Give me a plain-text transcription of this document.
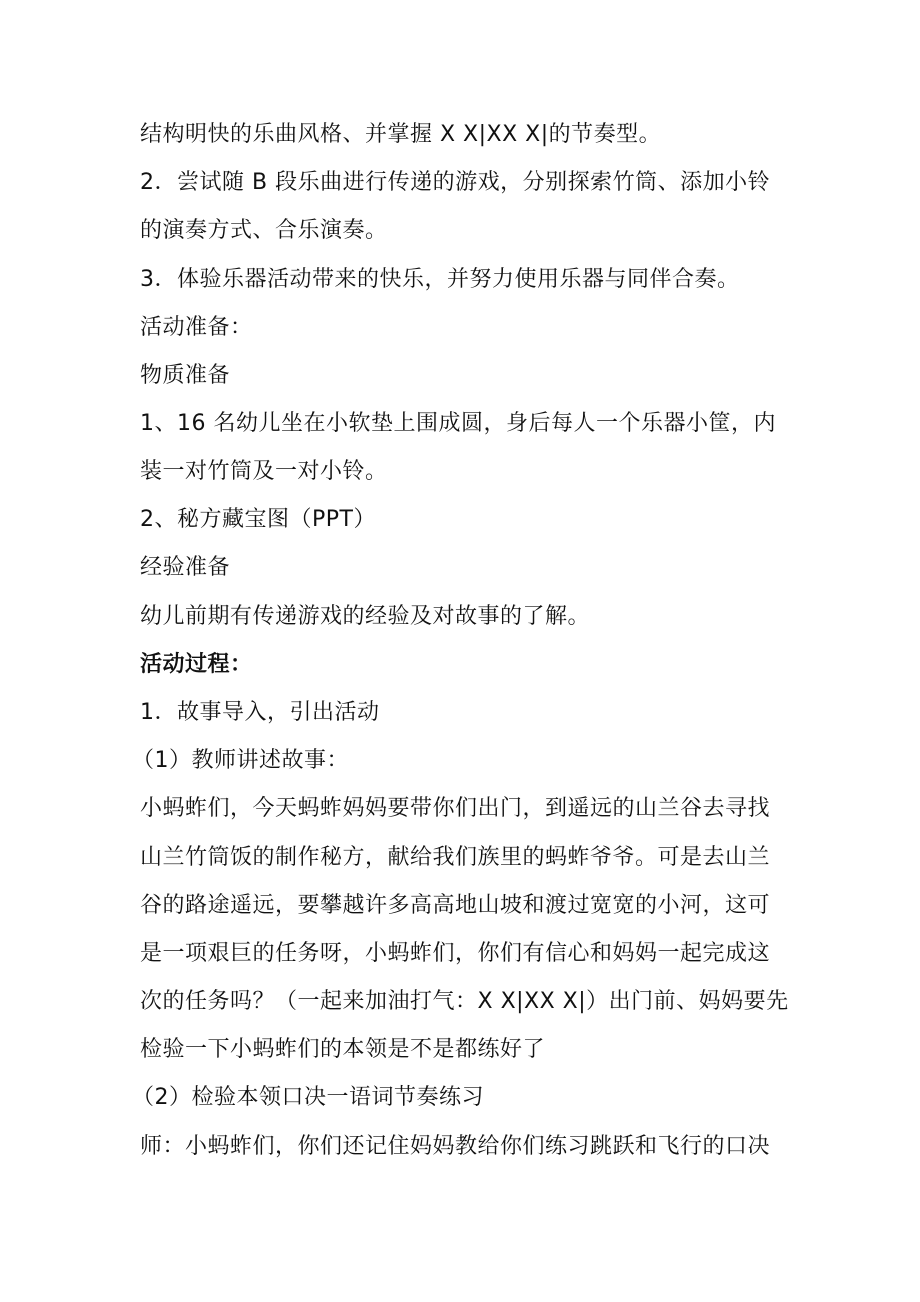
结构明快的乐曲风格、并掌握 X X|XX X|的节奏型。
2．尝试随 B 段乐曲进行传递的游戏，分别探索竹筒、添加小铃
的演奏方式、合乐演奏。
3．体验乐器活动带来的快乐，并努力使用乐器与同伴合奏。
活动准备：
物质准备
1、16 名幼儿坐在小软垫上围成圆，身后每人一个乐器小筐，内
装一对竹筒及一对小铃。
2、秘方藏宝图（PPT）
经验准备
幼儿前期有传递游戏的经验及对故事的了解。
活动过程：
1．故事导入，引出活动
（1）教师讲述故事：
小蚂蚱们，今天蚂蚱妈妈要带你们出门，到遥远的山兰谷去寻找
山兰竹筒饭的制作秘方，献给我们族里的蚂蚱爷爷。可是去山兰
谷的路途遥远，要攀越许多高高地山坡和渡过宽宽的小河，这可
是一项艰巨的任务呀，小蚂蚱们，你们有信心和妈妈一起完成这
次的任务吗？（一起来加油打气：X X|XX X|）出门前、妈妈要先
检验一下小蚂蚱们的本领是不是都练好了
（2）检验本领口决一语词节奏练习
师：小蚂蚱们，你们还记住妈妈教给你们练习跳跃和飞行的口决
